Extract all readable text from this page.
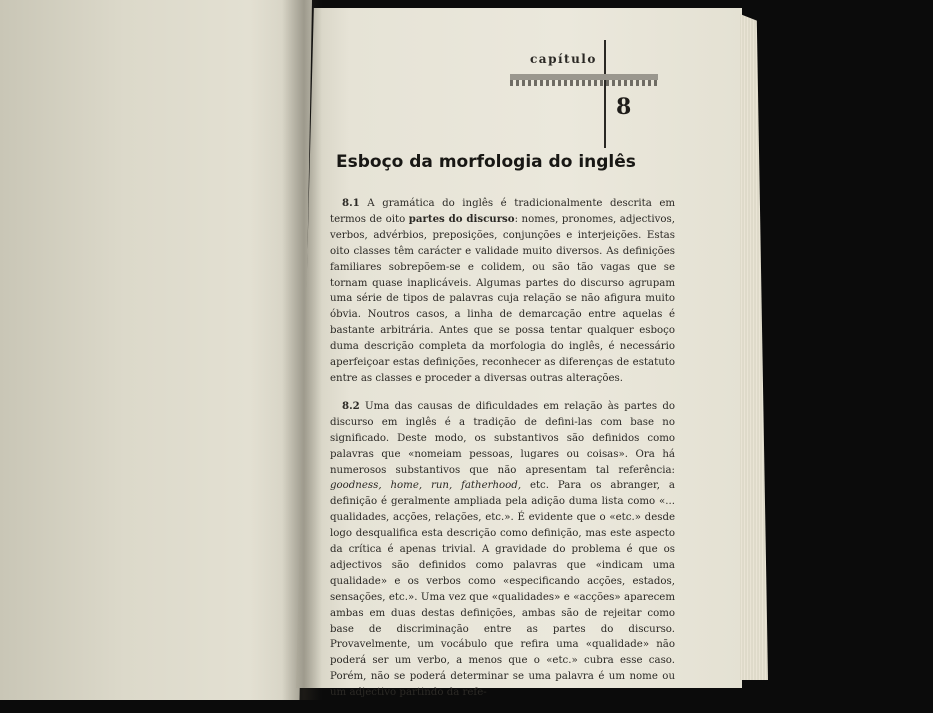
capítulo
8
Esboço da morfologia do inglês

8.1 A gramática do inglês é tradicionalmente descrita em termos de oito partes do discurso: nomes, pronomes, adjectivos, verbos, advérbios, preposições, conjunções e interjeições. Estas oito classes têm carácter e validade muito diversos. As definições familiares sobrepõem-se e colidem, ou são tão vagas que se tornam quase inaplicáveis. Algumas partes do discurso agrupam uma série de tipos de palavras cuja relação se não afigura muito óbvia. Noutros casos, a linha de demarcação entre aquelas é bastante arbitrária. Antes que se possa tentar qualquer esboço duma descrição completa da morfologia do inglês, é necessário aperfeiçoar estas definições, reconhecer as diferenças de estatuto entre as classes e proceder a diversas outras alterações.

8.2 Uma das causas de dificuldades em relação às partes do discurso em inglês é a tradição de defini-las com base no significado. Deste modo, os substantivos são definidos como palavras que «nomeiam pessoas, lugares ou coisas». Ora há numerosos substantivos que não apresentam tal referência: goodness, home, run, fatherhood, etc. Para os abranger, a definição é geralmente ampliada pela adição duma lista como «... qualidades, acções, relações, etc.». É evidente que o «etc.» desde logo desqualifica esta descrição como definição, mas este aspecto da crítica é apenas trivial. A gravidade do problema é que os adjectivos são definidos como palavras que «indicam uma qualidade» e os verbos como «especificando acções, estados, sensações, etc.». Uma vez que «qualidades» e «acções» aparecem ambas em duas destas definições, ambas são de rejeitar como base de discriminação entre as partes do discurso. Provavelmente, um vocábulo que refira uma «qualidade» não poderá ser um verbo, a menos que o «etc.» cubra esse caso. Porém, não se poderá determinar se uma palavra é um nome ou um adjectivo partindo da refe-
